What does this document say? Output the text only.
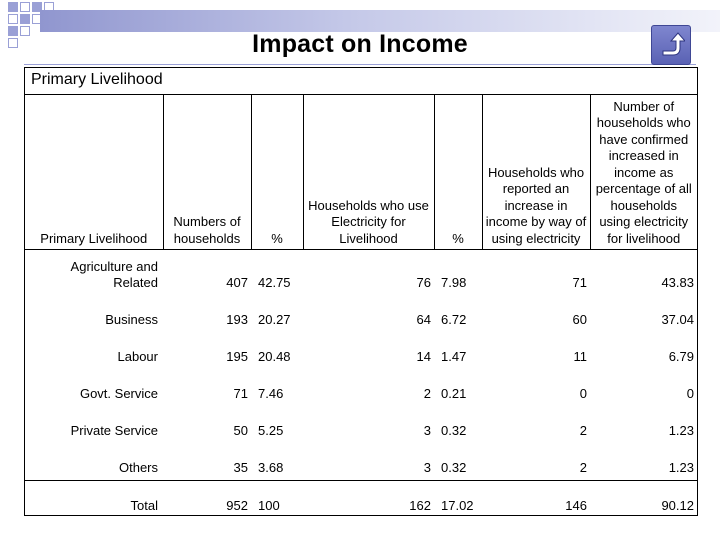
Impact on Income
Primary Livelihood
Primary Livelihood	Numbers of households	%	Households who use Electricity for Livelihood	%	Households who reported an increase in income by way of using electricity	Number of households who have confirmed increased in income as percentage of all households using electricity for livelihood
Agriculture and Related	407	42.75	76	7.98	71	43.83
Business	193	20.27	64	6.72	60	37.04
Labour	195	20.48	14	1.47	11	6.79
Govt. Service	71	7.46	2	0.21	0	0
Private Service	50	5.25	3	0.32	2	1.23
Others	35	3.68	3	0.32	2	1.23
Total	952	100	162	17.02	146	90.12
